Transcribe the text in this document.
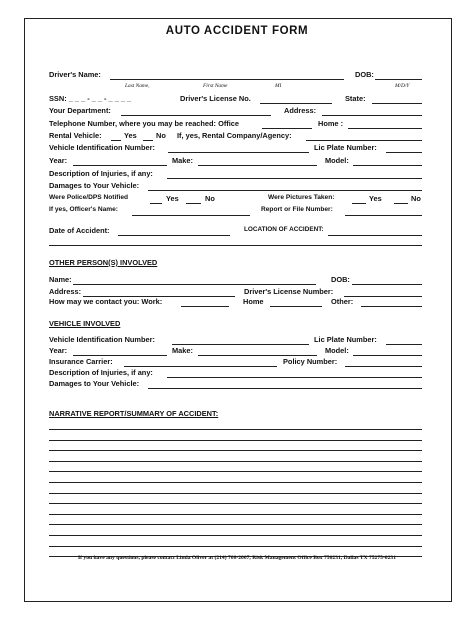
AUTO ACCIDENT FORM
Driver's Name:	DOB:
Last Name,	First Name	MI	M/D/Y
SSN: _ _ _ - _ _ - _ _ _ _	Driver's License No.	State:
Your Department:	Address:
Telephone Number, where you may be reached: Office	Home :
Rental Vehicle:	Yes	No If, yes, Rental Company/Agency:
Vehicle Identification Number:	Lic Plate Number:
Year:	Make:	Model:
Description of Injuries, if any:
Damages to Your Vehicle:
Were Police/DPS Notified	Yes	No	Were Pictures Taken:	Yes	No
If yes, Officer's Name:	Report or File Number:
Date of Accident:	LOCATION OF ACCIDENT:
OTHER PERSON(S) INVOLVED
Name:	DOB:
Address:	Driver's License Number:
How may we contact you: Work:	Home	Other:
VEHICLE INVOLVED
Vehicle Identification Number:	Lic Plate Number:
Year:	Make:	Model:
Insurance Carrier:	Policy Number:
Description of Injuries, if any:
Damages to Your Vehicle:
NARRATIVE REPORT/SUMMARY OF ACCIDENT:
If you have any questions, please contact Linda Oliver at (214) 768-2007, Risk Management Office Box 750231, Dallas TX 75275-0231
